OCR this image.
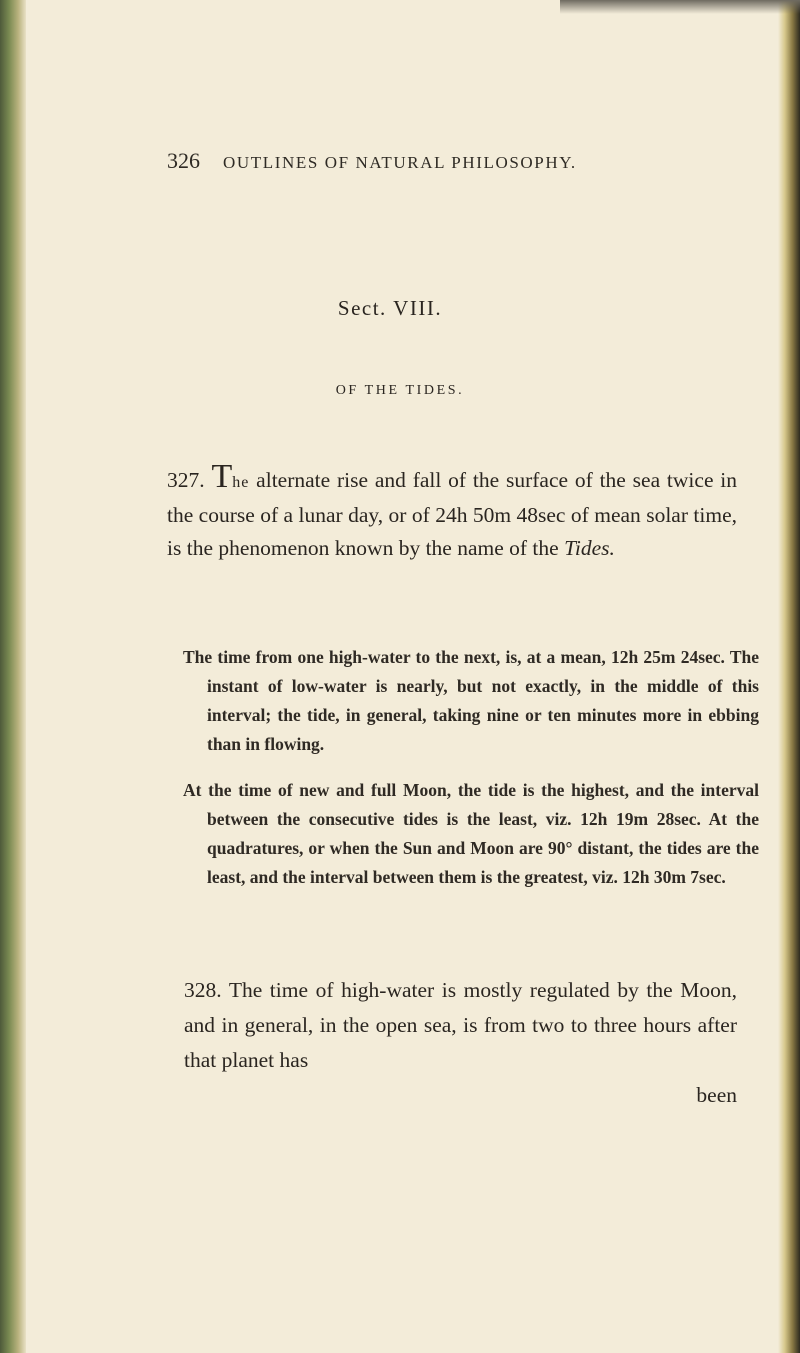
326 OUTLINES OF NATURAL PHILOSOPHY.
Sect. VIII.
OF THE TIDES.
327. The alternate rise and fall of the surface of the sea twice in the course of a lunar day, or of 24h 50m 48sec of mean solar time, is the phenomenon known by the name of the Tides.
The time from one high-water to the next, is, at a mean, 12h 25m 24sec. The instant of low-water is nearly, but not exactly, in the middle of this interval; the tide, in general, taking nine or ten minutes more in ebbing than in flowing.
At the time of new and full Moon, the tide is the highest, and the interval between the consecutive tides is the least, viz. 12h 19m 28sec. At the quadratures, or when the Sun and Moon are 90° distant, the tides are the least, and the interval between them is the greatest, viz. 12h 30m 7sec.
328. The time of high-water is mostly regulated by the Moon, and in general, in the open sea, is from two to three hours after that planet has
been
